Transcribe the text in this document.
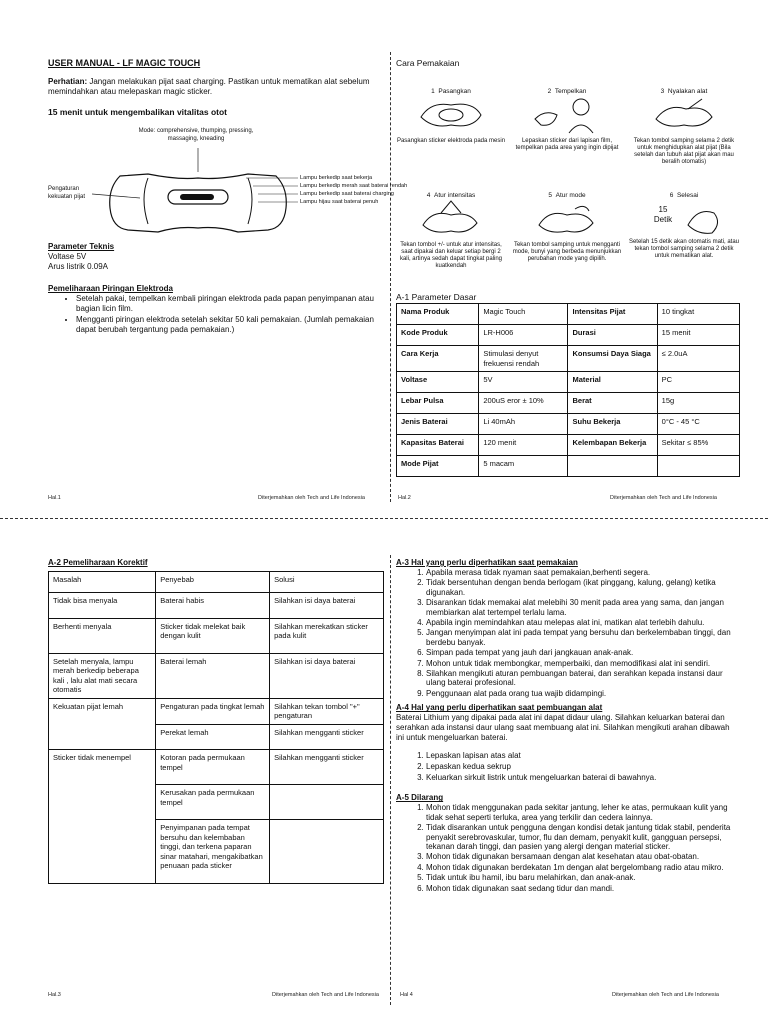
USER MANUAL - LF MAGIC TOUCH
Perhatian: Jangan melakukan pijat saat charging. Pastikan untuk mematikan alat sebelum memindahkan atau melepaskan magic sticker.
15 menit untuk mengembalikan vitalitas otot
Mode: comprehensive, thumping, pressing, massaging, kneading
Pengaturan kekuatan pijat
Lampu berkedip saat bekerja
Lampu berkedip merah saat baterai rendah
Lampu berkedip saat baterai charging
Lampu hijau saat baterai penuh
Parameter Teknis
Voltase 5V
Arus listrik 0.09A
Pemeliharaan Piringan Elektroda
• Setelah pakai, tempelkan kembali piringan elektroda pada papan penyimpanan atau bagian licin film.
• Mengganti piringan elektroda setelah sekitar 50 kali pemakaian. (Jumlah pemakaian dapat berubah tergantung pada pemakaian.)
Hal.1	Diterjemahkan oleh Tech and Life Indonesia
Cara Pemakaian
1 Pasangkan
Pasangkan sticker elektroda pada mesin
2 Tempelkan
Lepaskan sticker dari lapisan film, tempelkan pada area yang ingin dipijat
3 Nyalakan alat
Tekan tombol samping selama 2 detik untuk menghidupkan alat pijat (Bila setelah dan tubuh alat pijat akan mau beralih otomatis)
4 Atur intensitas
Tekan tombol +/- untuk atur intensitas, saat dipakai dan keluar setiap bergi 2 kali, artinya sedah dapat tingkat paling kuatkendah
5 Atur mode
Tekan tombol samping untuk mengganti mode, bunyi yang berbeda menunjukkan perubahan mode yang dipilih.
6 Selesai
15 Detik
Setelah 15 detik akan otomatis mati, atau tekan tombol samping selama 2 detik untuk mematikan alat.
A-1 Parameter Dasar
Nama Produk	Magic Touch	Intensitas Pijat	10 tingkat
Kode Produk	LR-H006	Durasi	15 menit
Cara Kerja	Stimulasi denyut frekuensi rendah	Konsumsi Daya Siaga	≤ 2.0uA
Voltase	5V	Material	PC
Lebar Pulsa	200uS eror ± 10%	Berat	15g
Jenis Baterai	Li 40mAh	Suhu Bekerja	0°C - 45 °C
Kapasitas Baterai	120 menit	Kelembapan Bekerja	Sekitar ≤ 85%
Mode Pijat	5 macam		
Hal.2	Diterjemahkan oleh Tech and Life Indonesia
A-2 Pemeliharaan Korektif
Masalah	Penyebab	Solusi
Tidak bisa menyala	Baterai habis	Silahkan isi daya baterai
Berhenti menyala	Sticker tidak melekat baik dengan kulit	Silahkan merekatkan sticker pada kulit
Setelah menyala, lampu merah berkedip beberapa kali , lalu alat mati secara otomatis	Baterai lemah	Silahkan isi daya baterai
Kekuatan pijat lemah	Pengaturan pada tingkat lemah	Silahkan tekan tombol "+" pengaturan
	Perekat lemah	Silahkan mengganti sticker
Sticker tidak menempel	Kotoran pada permukaan tempel	Silahkan mengganti sticker
	Kerusakan pada permukaan tempel	
	Penyimpanan pada tempat bersuhu dan kelembaban tinggi, dan terkena paparan sinar matahari, mengakibatkan penuaan pada sticker	
Hal.3	Diterjemahkan oleh Tech and Life Indonesia
A-3 Hal yang perlu diperhatikan saat pemakaian
1. Apabila merasa tidak nyaman saat pemakaian,berhenti segera.
2. Tidak bersentuhan dengan benda berlogam (ikat pinggang, kalung, gelang) ketika digunakan.
3. Disarankan tidak memakai alat melebihi 30 menit pada area yang sama, dan jangan membiarkan alat tertempel terlalu lama.
4. Apabila ingin memindahkan atau melepas alat ini, matikan alat terlebih dahulu.
5. Jangan menyimpan alat ini pada tempat yang bersuhu dan berkelembaban tinggi, dan berdebu banyak.
6. Simpan pada tempat yang jauh dari jangkauan anak-anak.
7. Mohon untuk tidak membongkar, memperbaiki, dan memodifikasi alat ini sendiri.
8. Silahkan mengikuti aturan pembuangan baterai, dan serahkan kepada instansi daur ulang baterai profesional.
9. Penggunaan alat pada orang tua wajib didampingi.
A-4 Hal yang perlu diperhatikan saat pembuangan alat
Baterai Lithium yang dipakai pada alat ini dapat didaur ulang. Silahkan keluarkan baterai dan serahkan ada instansi daur ulang saat membuang alat ini. Silahkan mengikuti arahan dibawah ini untuk mengeluarkan baterai.
1. Lepaskan lapisan atas alat
2. Lepaskan kedua sekrup
3. Keluarkan sirkuit listrik untuk mengeluarkan baterai di bawahnya.
A-5 Dilarang
1. Mohon tidak menggunakan pada sekitar jantung, leher ke atas, permukaan kulit yang tidak sehat seperti terluka, area yang terkilir dan cedera lainnya.
2. Tidak disarankan untuk pengguna dengan kondisi detak jantung tidak stabil, penderita penyakit serebrovaskular, tumor, flu dan demam, penyakit kulit, gangguan persepsi, tekanan darah tinggi, dan pasien yang alergi dengan material sticker.
3. Mohon tidak digunakan bersamaan dengan alat kesehatan atau obat-obatan.
4. Mohon tidak digunakan berdekatan 1m dengan alat bergelombang radio atau mikro.
5. Tidak untuk ibu hamil, ibu baru melahirkan, dan anak-anak.
6. Mohon tidak digunakan saat sedang tidur dan mandi.
Hal 4	Diterjemahkan oleh Tech and Life Indonesia
